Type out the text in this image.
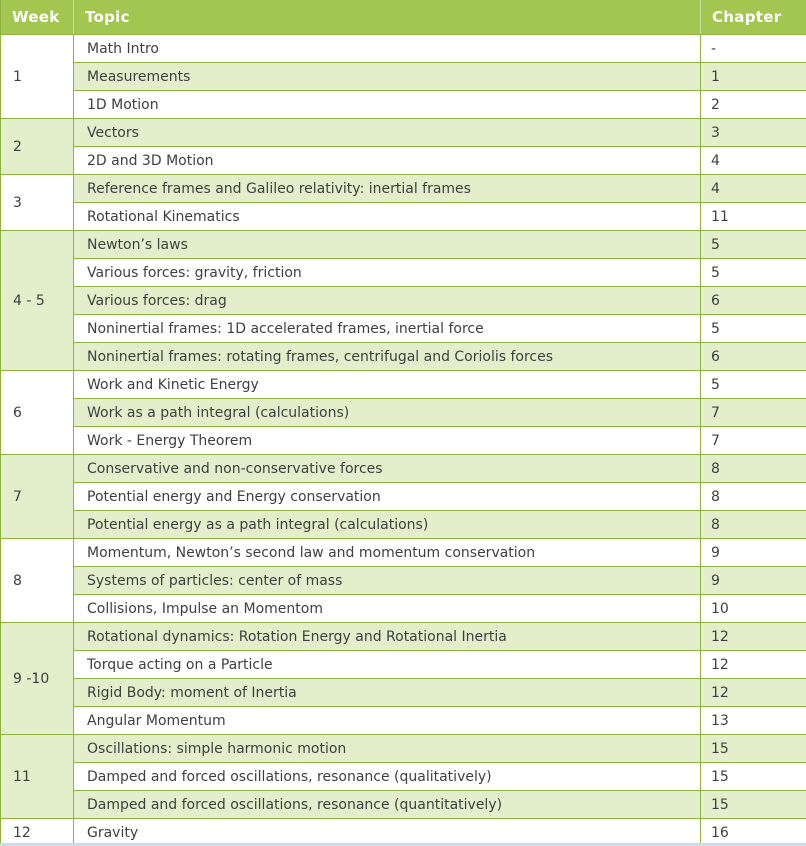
Week	Topic	Chapter
1	Math Intro	-
	Measurements	1
	1D Motion	2
2	Vectors	3
	2D and 3D Motion	4
3	Reference frames and Galileo relativity: inertial frames	4
	Rotational Kinematics	11
4 - 5	Newton’s laws	5
	Various forces: gravity, friction	5
	Various forces: drag	6
	Noninertial frames: 1D accelerated frames, inertial force	5
	Noninertial frames: rotating frames, centrifugal and Coriolis forces	6
6	Work and Kinetic Energy	5
	Work as a path integral (calculations)	7
	Work - Energy Theorem	7
7	Conservative and non-conservative forces	8
	Potential energy and Energy conservation	8
	Potential energy as a path integral (calculations)	8
8	Momentum, Newton’s second law and momentum conservation	9
	Systems of particles: center of mass	9
	Collisions, Impulse an Momentom	10
9 -10	Rotational dynamics: Rotation Energy and Rotational Inertia	12
	Torque acting on a Particle	12
	Rigid Body: moment of Inertia	12
	Angular Momentum	13
11	Oscillations: simple harmonic motion	15
	Damped and forced oscillations, resonance (qualitatively)	15
	Damped and forced oscillations, resonance (quantitatively)	15
12	Gravity	16
